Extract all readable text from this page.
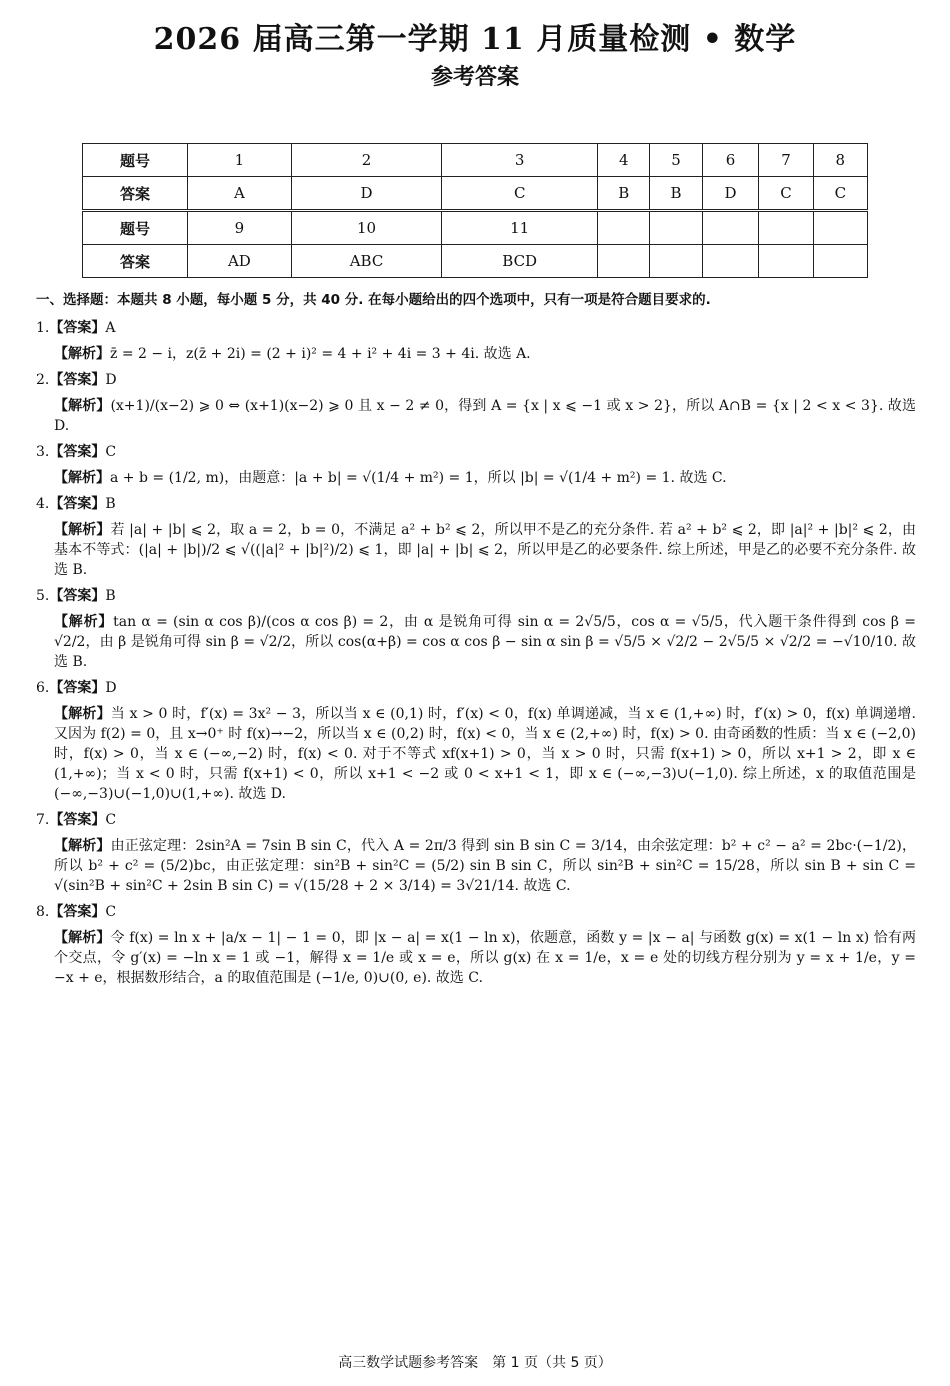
2026 届高三第一学期 11 月质量检测 • 数学
参考答案
题号	1	2	3	4	5	6	7	8
答案	A	D	C	B	B	D	C	C
题号	9	10	11					
答案	AD	ABC	BCD					

一、选择题：本题共 8 小题，每小题 5 分，共 40 分. 在每小题给出的四个选项中，只有一项是符合题目要求的.

1.【答案】A

【解析】z̄ = 2 − i，z(z̄ + 2i) = (2 + i)² = 4 + i² + 4i = 3 + 4i. 故选 A.

2.【答案】D

【解析】(x+1)/(x−2) ⩾ 0 ⇔ (x+1)(x−2) ⩾ 0 且 x − 2 ≠ 0，得到 A = {x | x ⩽ −1 或 x > 2}，所以 A∩B = {x | 2 < x < 3}. 故选 D.

3.【答案】C

【解析】a + b = (1/2, m)，由题意：|a + b| = √(1/4 + m²) = 1，所以 |b| = √(1/4 + m²) = 1. 故选 C.

4.【答案】B

【解析】若 |a| + |b| ⩽ 2，取 a = 2，b = 0，不满足 a² + b² ⩽ 2，所以甲不是乙的充分条件. 若 a² + b² ⩽ 2，即 |a|² + |b|² ⩽ 2，由基本不等式：(|a| + |b|)/2 ⩽ √((|a|² + |b|²)/2) ⩽ 1，即 |a| + |b| ⩽ 2，所以甲是乙的必要条件. 综上所述，甲是乙的必要不充分条件. 故选 B.

5.【答案】B

【解析】tan α = (sin α cos β)/(cos α cos β) = 2，由 α 是锐角可得 sin α = 2√5/5，cos α = √5/5，代入题干条件得到 cos β = √2/2，由 β 是锐角可得 sin β = √2/2，所以 cos(α+β) = cos α cos β − sin α sin β = √5/5 × √2/2 − 2√5/5 × √2/2 = −√10/10. 故选 B.

6.【答案】D

【解析】当 x > 0 时，f′(x) = 3x² − 3，所以当 x ∈ (0,1) 时，f′(x) < 0，f(x) 单调递减，当 x ∈ (1,+∞) 时，f′(x) > 0，f(x) 单调递增. 又因为 f(2) = 0，且 x→0⁺ 时 f(x)→−2，所以当 x ∈ (0,2) 时，f(x) < 0，当 x ∈ (2,+∞) 时，f(x) > 0. 由奇函数的性质：当 x ∈ (−2,0) 时，f(x) > 0，当 x ∈ (−∞,−2) 时，f(x) < 0. 对于不等式 xf(x+1) > 0，当 x > 0 时，只需 f(x+1) > 0，所以 x+1 > 2，即 x ∈ (1,+∞)；当 x < 0 时，只需 f(x+1) < 0，所以 x+1 < −2 或 0 < x+1 < 1，即 x ∈ (−∞,−3)∪(−1,0). 综上所述，x 的取值范围是 (−∞,−3)∪(−1,0)∪(1,+∞). 故选 D.

7.【答案】C

【解析】由正弦定理：2sin²A = 7sin B sin C，代入 A = 2π/3 得到 sin B sin C = 3/14，由余弦定理：b² + c² − a² = 2bc·(−1/2)，所以 b² + c² = (5/2)bc，由正弦定理：sin²B + sin²C = (5/2) sin B sin C，所以 sin²B + sin²C = 15/28，所以 sin B + sin C = √(sin²B + sin²C + 2sin B sin C) = √(15/28 + 2 × 3/14) = 3√21/14. 故选 C.

8.【答案】C

【解析】令 f(x) = ln x + |a/x − 1| − 1 = 0，即 |x − a| = x(1 − ln x)，依题意，函数 y = |x − a| 与函数 g(x) = x(1 − ln x) 恰有两个交点，令 g′(x) = −ln x = 1 或 −1，解得 x = 1/e 或 x = e，所以 g(x) 在 x = 1/e，x = e 处的切线方程分别为 y = x + 1/e，y = −x + e，根据数形结合，a 的取值范围是 (−1/e, 0)∪(0, e). 故选 C.

高三数学试题参考答案　第 1 页（共 5 页）
